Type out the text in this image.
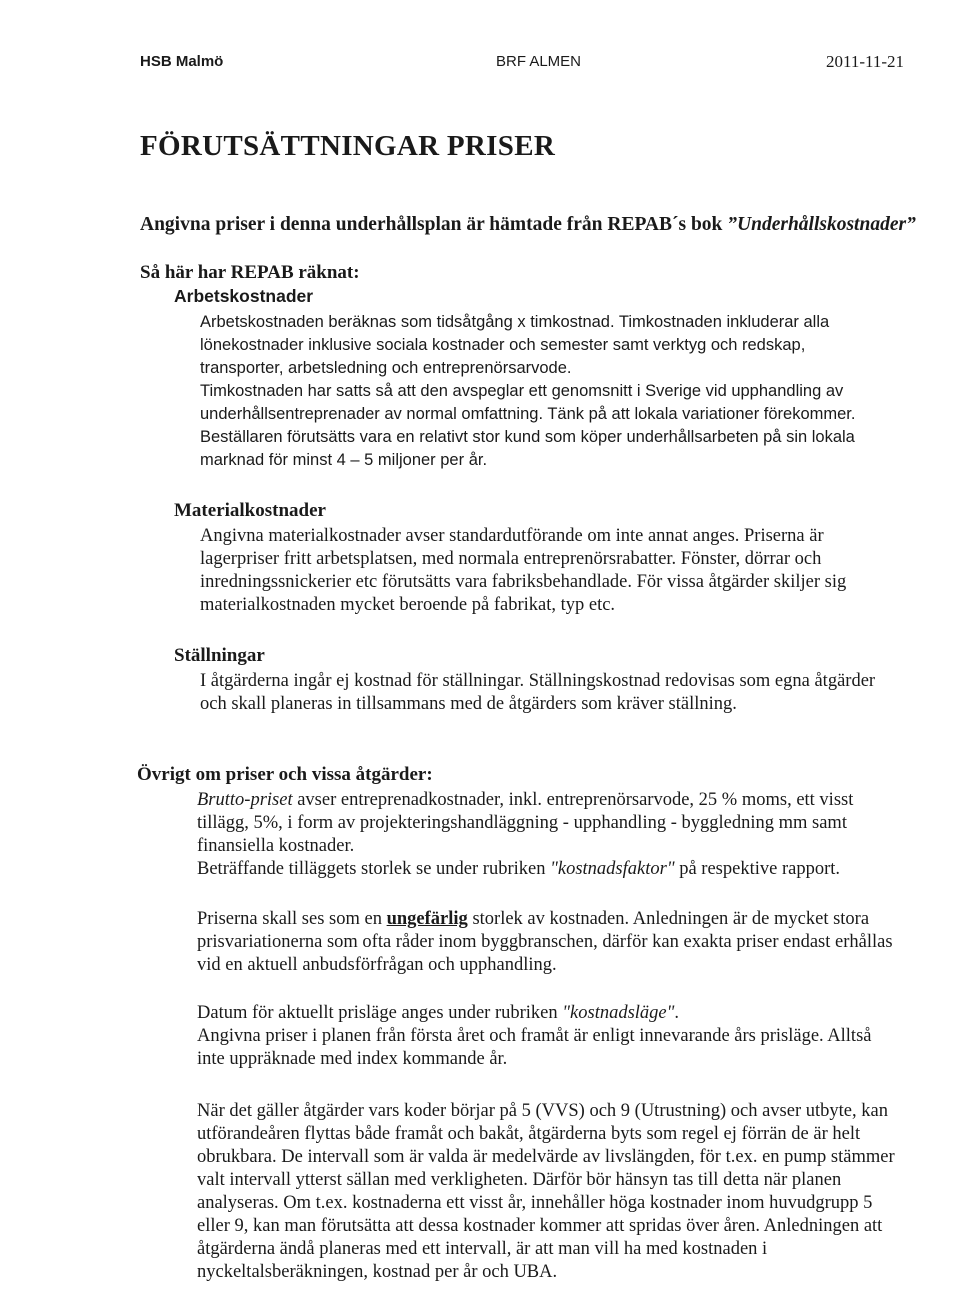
HSB Malmö	BRF ALMEN	2011-11-21
FÖRUTSÄTTNINGAR PRISER
Angivna priser i denna underhållsplan är hämtade från REPAB´s bok ”Underhållskostnader”
Så här har REPAB räknat:
Arbetskostnader

Arbetskostnaden beräknas som tidsåtgång x timkostnad. Timkostnaden inkluderar alla

lönekostnader inklusive sociala kostnader och semester samt verktyg och redskap,

transporter, arbetsledning och entreprenörsarvode.

Timkostnaden har satts så att den avspeglar ett genomsnitt i Sverige vid upphandling av

underhållsentreprenader av normal omfattning. Tänk på att lokala variationer förekommer.

Beställaren förutsätts vara en relativt stor kund som köper underhållsarbeten på sin lokala

marknad för minst 4 – 5 miljoner per år.

Materialkostnader

Angivna materialkostnader avser standardutförande om inte annat anges. Priserna är

lagerpriser fritt arbetsplatsen, med normala entreprenörsrabatter. Fönster, dörrar och

inredningssnickerier etc förutsätts vara fabriksbehandlade. För vissa åtgärder skiljer sig

materialkostnaden mycket beroende på fabrikat, typ etc.

Ställningar

I åtgärderna ingår ej kostnad för ställningar. Ställningskostnad redovisas som egna åtgärder

och skall planeras in tillsammans med de åtgärders som kräver ställning.

Övrigt om priser och vissa åtgärder:

Brutto-priset avser entreprenadkostnader, inkl. entreprenörsarvode, 25 % moms, ett visst

tillägg, 5%, i form av projekteringshandläggning - upphandling - byggledning mm samt

finansiella kostnader.

Beträffande tilläggets storlek se under rubriken "kostnadsfaktor" på respektive rapport.

Priserna skall ses som en ungefärlig storlek av kostnaden. Anledningen är de mycket stora

prisvariationerna som ofta råder inom byggbranschen, därför kan exakta priser endast erhållas

vid en aktuell anbudsförfrågan och upphandling.

Datum för aktuellt prisläge anges under rubriken "kostnadsläge".

Angivna priser i planen från första året och framåt är enligt innevarande års prisläge. Alltså

inte uppräknade med index kommande år.

När det gäller åtgärder vars koder börjar på 5 (VVS) och 9 (Utrustning) och avser utbyte, kan

utförandeåren flyttas både framåt och bakåt, åtgärderna byts som regel ej förrän de är helt

obrukbara. De intervall som är valda är medelvärde av livslängden, för t.ex. en pump stämmer

valt intervall ytterst sällan med verkligheten. Därför bör hänsyn tas till detta när planen

analyseras. Om t.ex. kostnaderna ett visst år, innehåller höga kostnader inom huvudgrupp 5

eller 9, kan man förutsätta att dessa kostnader kommer att spridas över åren. Anledningen att

åtgärderna ändå planeras med ett intervall, är att man vill ha med kostnaden i

nyckeltalsberäkningen, kostnad per år och UBA.
